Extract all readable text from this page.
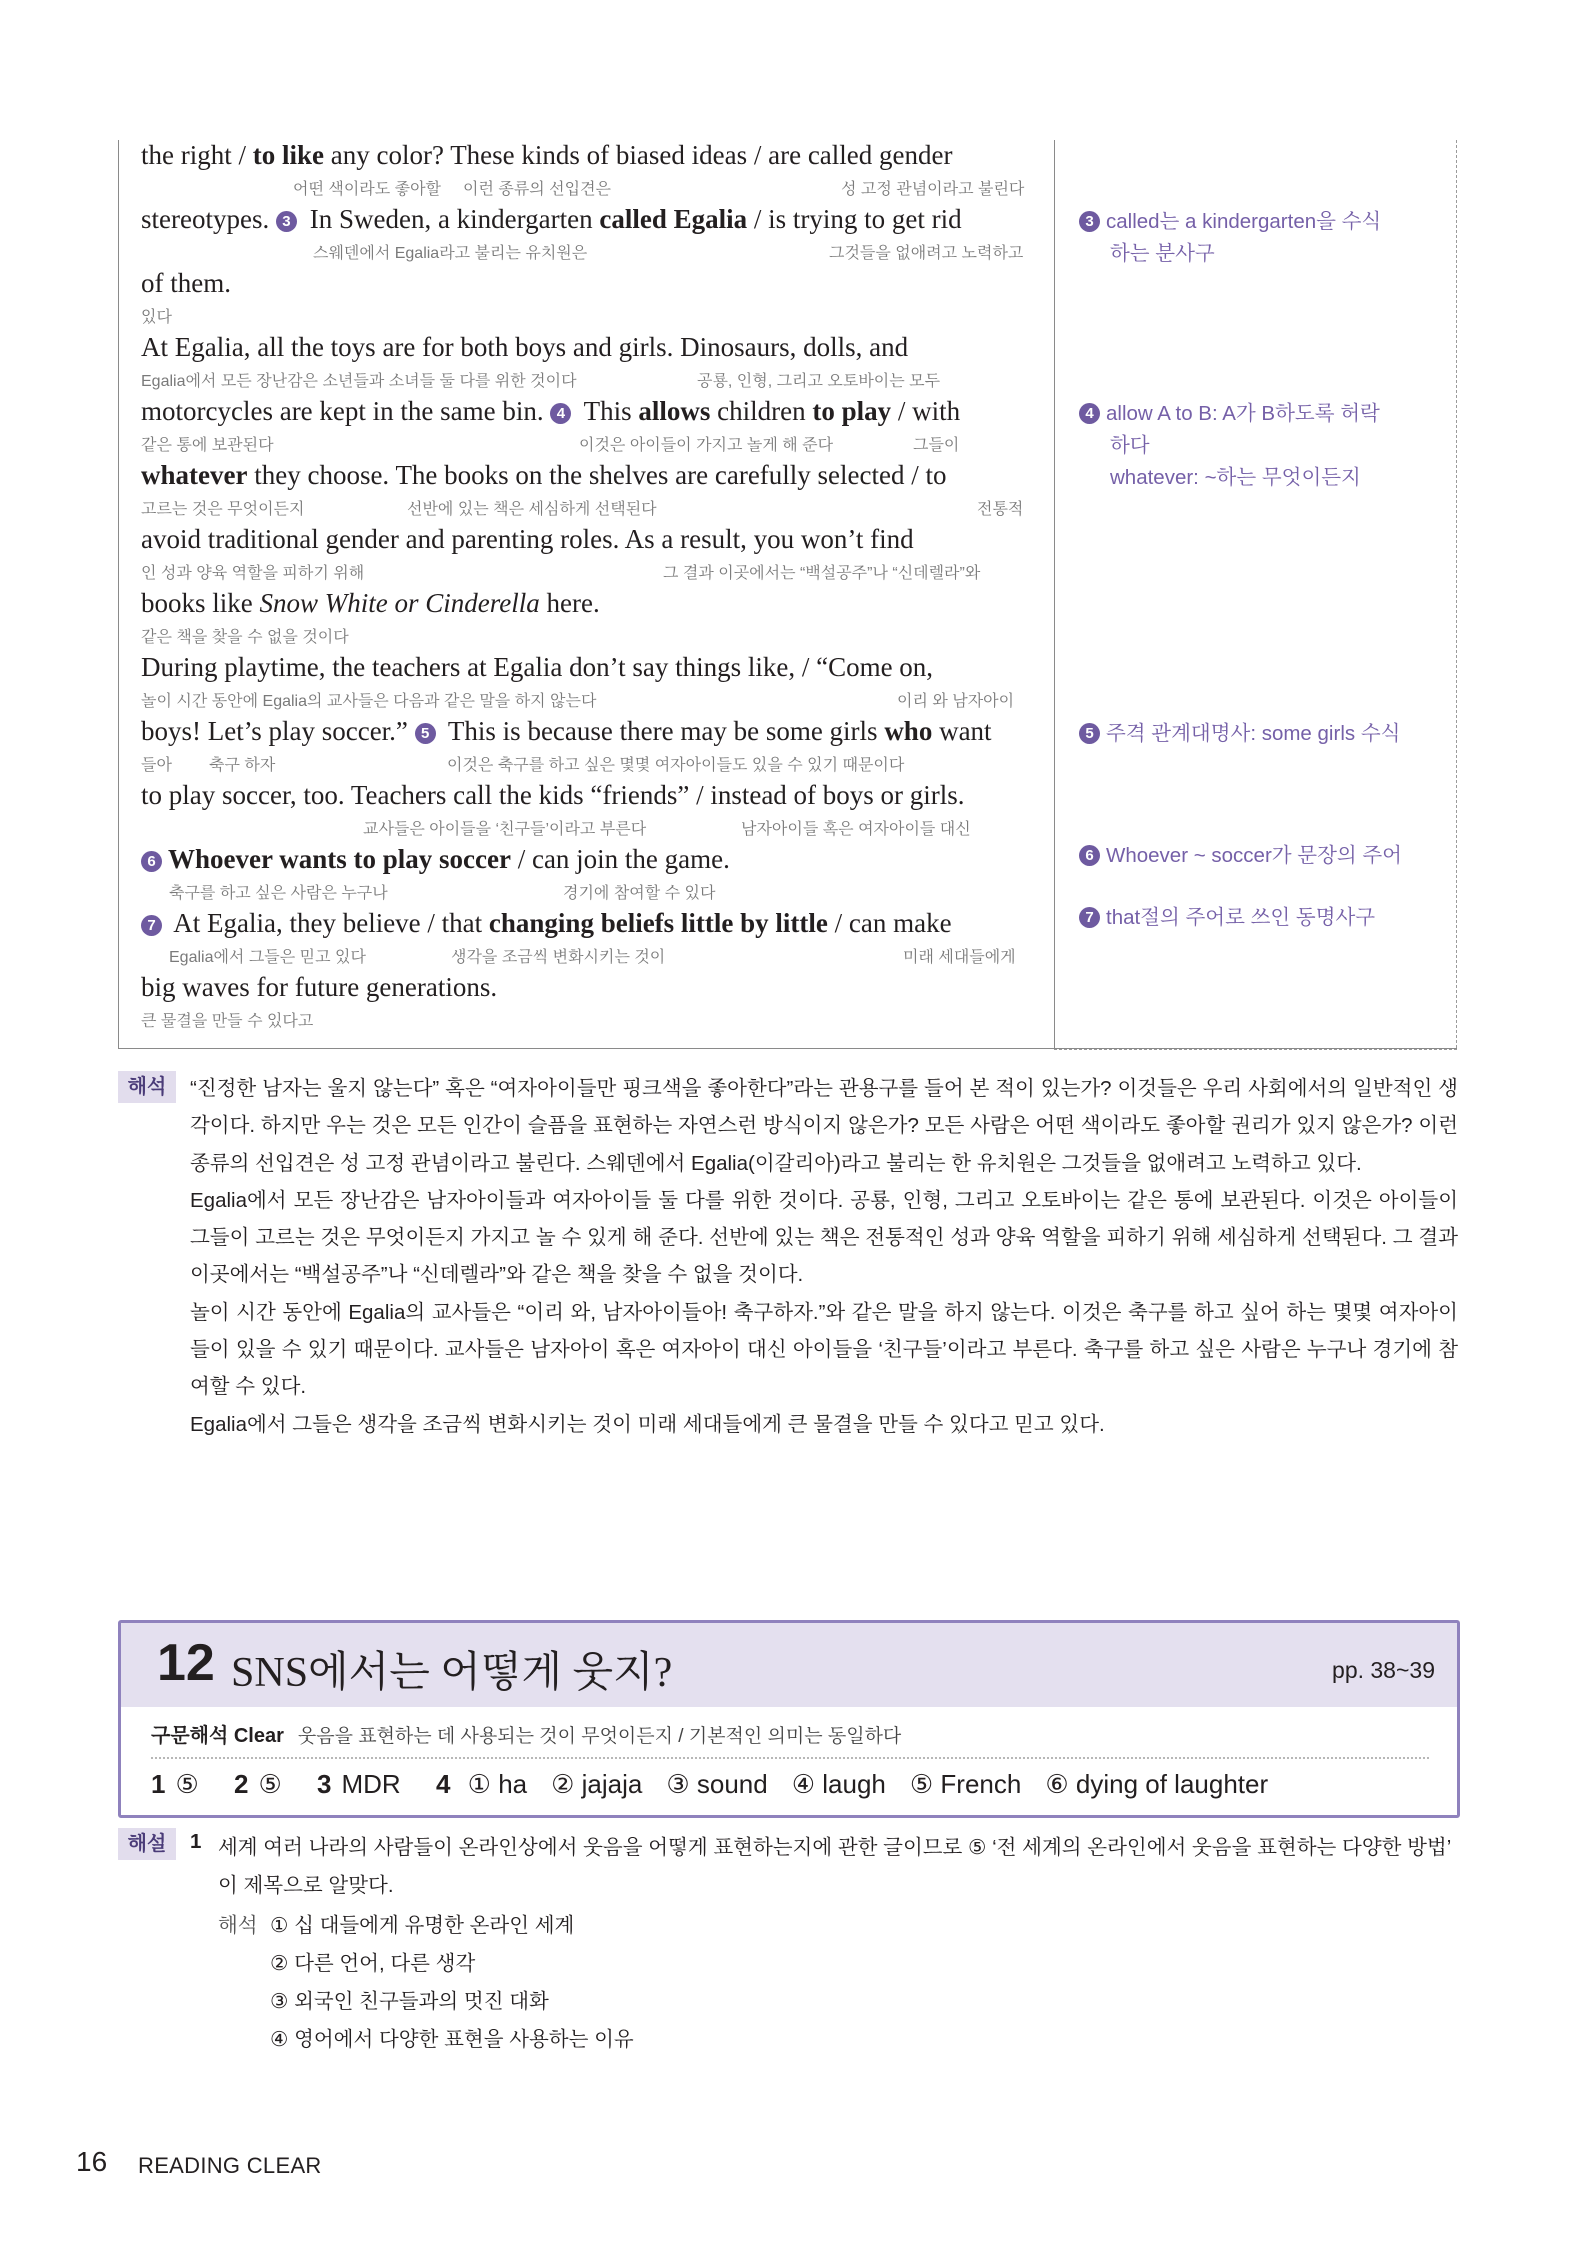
the right / to like any color? These kinds of biased ideas / are called gender
어떤 색이라도 좋아할 이런 종류의 선입견은	성 고정 관념이라고 불린다
stereotypes. 3 In Sweden, a kindergarten called Egalia / is trying to get rid
스웨덴에서 Egalia라고 불리는 유치원은	그것들을 없애려고 노력하고
of them.
있다
At Egalia, all the toys are for both boys and girls. Dinosaurs, dolls, and
Egalia에서 모든 장난감은 소년들과 소녀들 둘 다를 위한 것이다	공룡, 인형, 그리고 오토바이는 모두
motorcycles are kept in the same bin. 4 This allows children to play / with
같은 통에 보관된다	이것은 아이들이 가지고 놀게 해 준다	그들이
whatever they choose. The books on the shelves are carefully selected / to
고르는 것은 무엇이든지	선반에 있는 책은 세심하게 선택된다	전통적
avoid traditional gender and parenting roles. As a result, you won’t find
인 성과 양육 역할을 피하기 위해	그 결과 이곳에서는 “백설공주”나 “신데렐라”와
books like Snow White or Cinderella here.
같은 책을 찾을 수 없을 것이다
During playtime, the teachers at Egalia don’t say things like, / “Come on,
놀이 시간 동안에 Egalia의 교사들은 다음과 같은 말을 하지 않는다	이리 와 남자아이
boys! Let’s play soccer.” 5 This is because there may be some girls who want
들아 축구 하자	이것은 축구를 하고 싶은 몇몇 여자아이들도 있을 수 있기 때문이다
to play soccer, too. Teachers call the kids “friends” / instead of boys or girls.
교사들은 아이들을 ‘친구들’이라고 부른다	남자아이들 혹은 여자아이들 대신
6 Whoever wants to play soccer / can join the game.
축구를 하고 싶은 사람은 누구나	경기에 참여할 수 있다
7 At Egalia, they believe / that changing beliefs little by little / can make
Egalia에서 그들은 믿고 있다	생각을 조금씩 변화시키는 것이	미래 세대들에게
big waves for future generations.
큰 물결을 만들 수 있다고
3 called는 a kindergarten을 수식
하는 분사구
4 allow A to B: A가 B하도록 허락
하다
whatever: ~하는 무엇이든지
5 주격 관계대명사: some girls 수식
6 Whoever ~ soccer가 문장의 주어
7 that절의 주어로 쓰인 동명사구
해석	“진정한 남자는 울지 않는다” 혹은 “여자아이들만 핑크색을 좋아한다”라는 관용구를 들어 본 적이 있는가? 이것들은 우리 사회에서의 일반적인 생각이다. 하지만 우는 것은 모든 인간이 슬픔을 표현하는 자연스런 방식이지 않은가? 모든 사람은 어떤 색이라도 좋아할 권리가 있지 않은가? 이런 종류의 선입견은 성 고정 관념이라고 불린다. 스웨덴에서 Egalia(이갈리아)라고 불리는 한 유치원은 그것들을 없애려고 노력하고 있다.

Egalia에서 모든 장난감은 남자아이들과 여자아이들 둘 다를 위한 것이다. 공룡, 인형, 그리고 오토바이는 같은 통에 보관된다. 이것은 아이들이 그들이 고르는 것은 무엇이든지 가지고 놀 수 있게 해 준다. 선반에 있는 책은 전통적인 성과 양육 역할을 피하기 위해 세심하게 선택된다. 그 결과 이곳에서는 “백설공주”나 “신데렐라”와 같은 책을 찾을 수 없을 것이다.

놀이 시간 동안에 Egalia의 교사들은 “이리 와, 남자아이들아! 축구하자.”와 같은 말을 하지 않는다. 이것은 축구를 하고 싶어 하는 몇몇 여자아이들이 있을 수 있기 때문이다. 교사들은 남자아이 혹은 여자아이 대신 아이들을 ‘친구들’이라고 부른다. 축구를 하고 싶은 사람은 누구나 경기에 참여할 수 있다.

Egalia에서 그들은 생각을 조금씩 변화시키는 것이 미래 세대들에게 큰 물결을 만들 수 있다고 믿고 있다.

12 SNS에서는 어떻게 웃지?	pp. 38~39
구문해석 Clear 웃음을 표현하는 데 사용되는 것이 무엇이든지 / 기본적인 의미는 동일하다
1 ⑤ 2 ⑤ 3 MDR 4 ① ha ② jajaja ③ sound ④ laugh ⑤ French ⑥ dying of laughter
해설	1 세계 여러 나라의 사람들이 온라인상에서 웃음을 어떻게 표현하는지에 관한 글이므로 ⑤ ‘전 세계의 온라인에서 웃음을 표현하는 다양한 방법’
이 제목으로 알맞다.
해석 ① 십 대들에게 유명한 온라인 세계
② 다른 언어, 다른 생각
③ 외국인 친구들과의 멋진 대화
④ 영어에서 다양한 표현을 사용하는 이유
16 READING CLEAR
